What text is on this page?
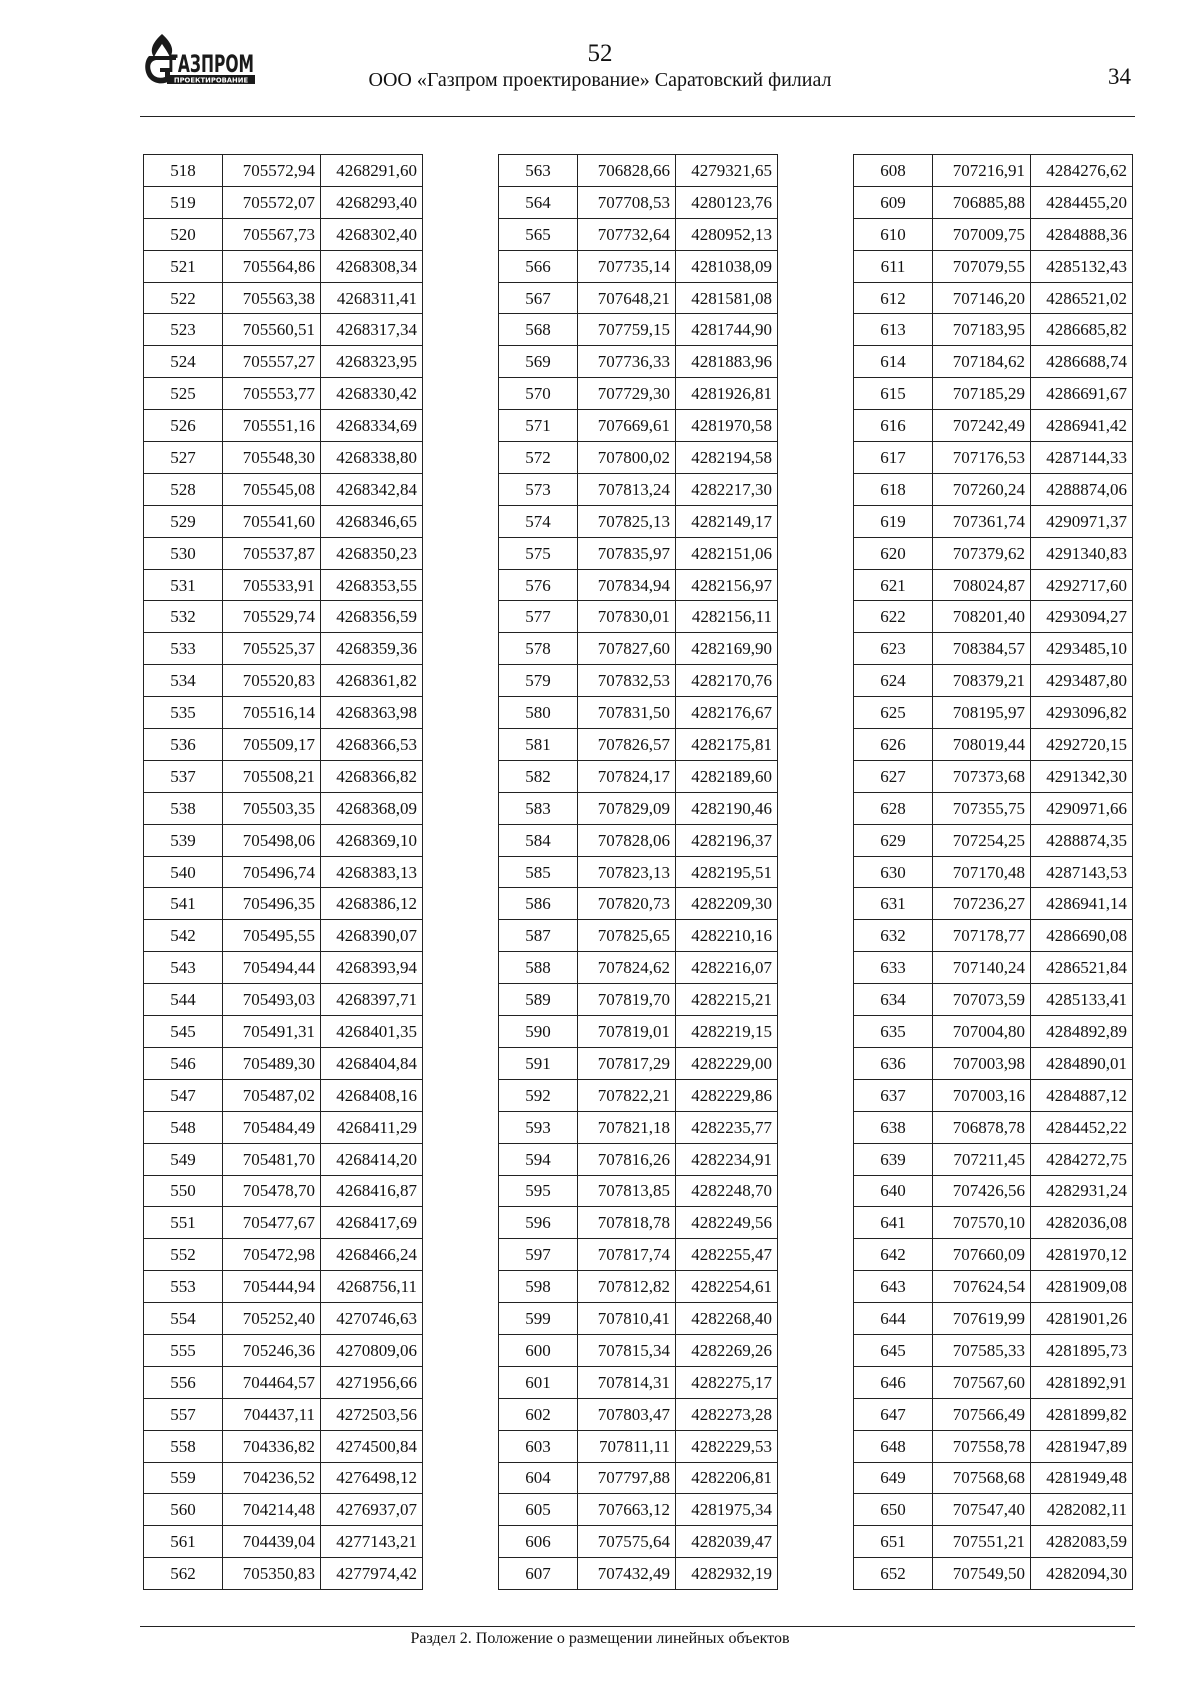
ПРОЕКТИРОВАНИЕ
ГАЗПРОМ	52
ООО «Газпром проектирование» Саратовский филиал	34
518	705572,94	4268291,60
519	705572,07	4268293,40
520	705567,73	4268302,40
521	705564,86	4268308,34
522	705563,38	4268311,41
523	705560,51	4268317,34
524	705557,27	4268323,95
525	705553,77	4268330,42
526	705551,16	4268334,69
527	705548,30	4268338,80
528	705545,08	4268342,84
529	705541,60	4268346,65
530	705537,87	4268350,23
531	705533,91	4268353,55
532	705529,74	4268356,59
533	705525,37	4268359,36
534	705520,83	4268361,82
535	705516,14	4268363,98
536	705509,17	4268366,53
537	705508,21	4268366,82
538	705503,35	4268368,09
539	705498,06	4268369,10
540	705496,74	4268383,13
541	705496,35	4268386,12
542	705495,55	4268390,07
543	705494,44	4268393,94
544	705493,03	4268397,71
545	705491,31	4268401,35
546	705489,30	4268404,84
547	705487,02	4268408,16
548	705484,49	4268411,29
549	705481,70	4268414,20
550	705478,70	4268416,87
551	705477,67	4268417,69
552	705472,98	4268466,24
553	705444,94	4268756,11
554	705252,40	4270746,63
555	705246,36	4270809,06
556	704464,57	4271956,66
557	704437,11	4272503,56
558	704336,82	4274500,84
559	704236,52	4276498,12
560	704214,48	4276937,07
561	704439,04	4277143,21
562	705350,83	4277974,42
563	706828,66	4279321,65
564	707708,53	4280123,76
565	707732,64	4280952,13
566	707735,14	4281038,09
567	707648,21	4281581,08
568	707759,15	4281744,90
569	707736,33	4281883,96
570	707729,30	4281926,81
571	707669,61	4281970,58
572	707800,02	4282194,58
573	707813,24	4282217,30
574	707825,13	4282149,17
575	707835,97	4282151,06
576	707834,94	4282156,97
577	707830,01	4282156,11
578	707827,60	4282169,90
579	707832,53	4282170,76
580	707831,50	4282176,67
581	707826,57	4282175,81
582	707824,17	4282189,60
583	707829,09	4282190,46
584	707828,06	4282196,37
585	707823,13	4282195,51
586	707820,73	4282209,30
587	707825,65	4282210,16
588	707824,62	4282216,07
589	707819,70	4282215,21
590	707819,01	4282219,15
591	707817,29	4282229,00
592	707822,21	4282229,86
593	707821,18	4282235,77
594	707816,26	4282234,91
595	707813,85	4282248,70
596	707818,78	4282249,56
597	707817,74	4282255,47
598	707812,82	4282254,61
599	707810,41	4282268,40
600	707815,34	4282269,26
601	707814,31	4282275,17
602	707803,47	4282273,28
603	707811,11	4282229,53
604	707797,88	4282206,81
605	707663,12	4281975,34
606	707575,64	4282039,47
607	707432,49	4282932,19
608	707216,91	4284276,62
609	706885,88	4284455,20
610	707009,75	4284888,36
611	707079,55	4285132,43
612	707146,20	4286521,02
613	707183,95	4286685,82
614	707184,62	4286688,74
615	707185,29	4286691,67
616	707242,49	4286941,42
617	707176,53	4287144,33
618	707260,24	4288874,06
619	707361,74	4290971,37
620	707379,62	4291340,83
621	708024,87	4292717,60
622	708201,40	4293094,27
623	708384,57	4293485,10
624	708379,21	4293487,80
625	708195,97	4293096,82
626	708019,44	4292720,15
627	707373,68	4291342,30
628	707355,75	4290971,66
629	707254,25	4288874,35
630	707170,48	4287143,53
631	707236,27	4286941,14
632	707178,77	4286690,08
633	707140,24	4286521,84
634	707073,59	4285133,41
635	707004,80	4284892,89
636	707003,98	4284890,01
637	707003,16	4284887,12
638	706878,78	4284452,22
639	707211,45	4284272,75
640	707426,56	4282931,24
641	707570,10	4282036,08
642	707660,09	4281970,12
643	707624,54	4281909,08
644	707619,99	4281901,26
645	707585,33	4281895,73
646	707567,60	4281892,91
647	707566,49	4281899,82
648	707558,78	4281947,89
649	707568,68	4281949,48
650	707547,40	4282082,11
651	707551,21	4282083,59
652	707549,50	4282094,30
Раздел 2. Положение о размещении линейных объектов
